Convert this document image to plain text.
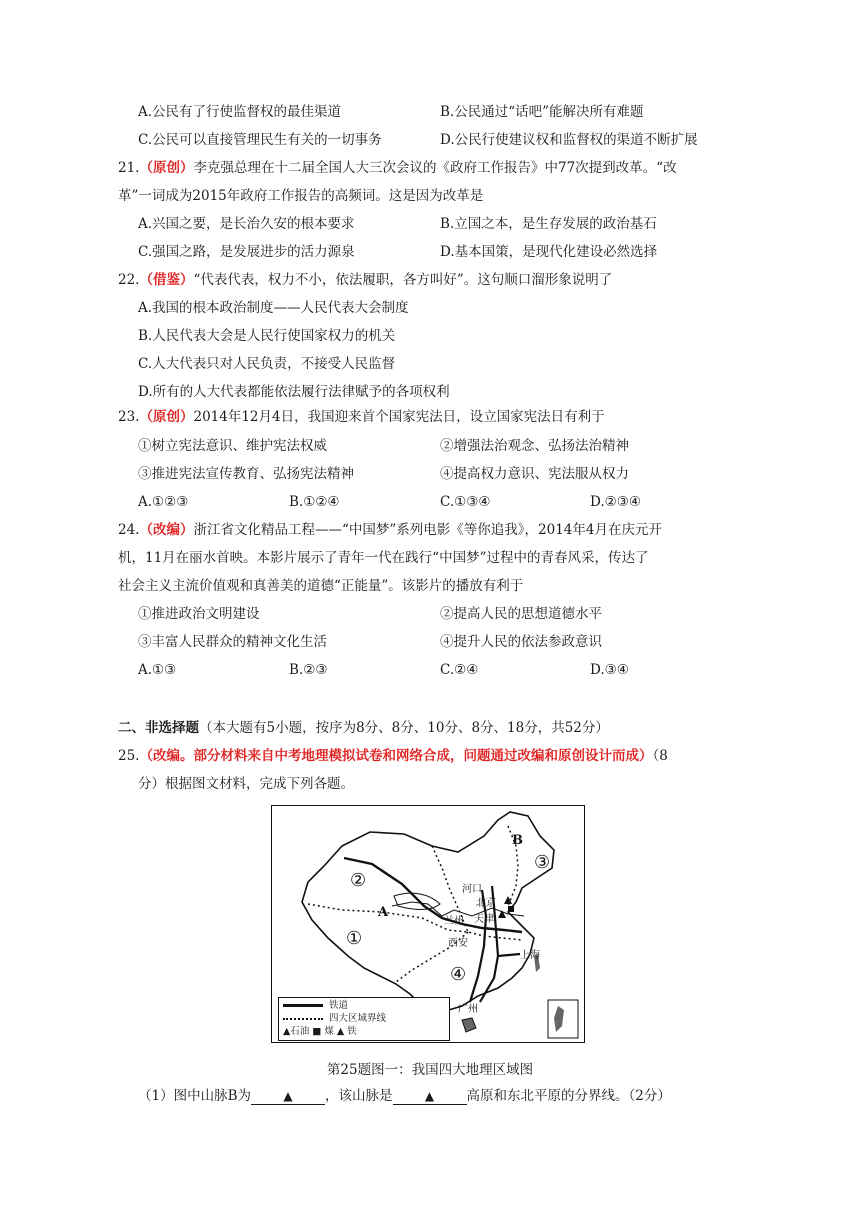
A.公民有了行使监督权的最佳渠道	B.公民通过“话吧”能解决所有难题
C.公民可以直接管理民生有关的一切事务	D.公民行使建议权和监督权的渠道不断扩展
21.（原创）李克强总理在十二届全国人大三次会议的《政府工作报告》中77次提到改革。“改
革”一词成为2015年政府工作报告的高频词。这是因为改革是
A.兴国之要，是长治久安的根本要求	B.立国之本，是生存发展的政治基石
C.强国之路，是发展进步的活力源泉	D.基本国策，是现代化建设必然选择
22.（借鉴）“代表代表，权力不小，依法履职，各方叫好”。这句顺口溜形象说明了
A.我国的根本政治制度——人民代表大会制度
B.人民代表大会是人民行使国家权力的机关
C.人大代表只对人民负责，不接受人民监督
D.所有的人大代表都能依法履行法律赋予的各项权利
23.（原创）2014年12月4日，我国迎来首个国家宪法日，设立国家宪法日有利于
①树立宪法意识、维护宪法权威	②增强法治观念、弘扬法治精神
③推进宪法宣传教育、弘扬宪法精神	④提高权力意识、宪法服从权力
A.①②③	B.①②④	C.①③④	D.②③④
24.（改编）浙江省文化精品工程——“中国梦”系列电影《等你追我》，2014年4月在庆元开
机，11月在丽水首映。本影片展示了青年一代在践行“中国梦”过程中的青春风采，传达了
社会主义主流价值观和真善美的道德“正能量”。该影片的播放有利于
①推进政治文明建设	②提高人民的思想道德水平
③丰富人民群众的精神文化生活	④提升人民的依法参政意识
A.①③	B.②③	C.②④	D.③④
二、非选择题（本大题有5小题，按序为8分、8分、10分、8分、18分，共52分）
25.（改编。部分材料来自中考地理模拟试卷和网络合成，问题通过改编和原创设计而成）（8
分）根据图文材料，完成下列各题。
①
②
③
④
A
B
河口
北京
天津
兰州
西安
上海
广州
铁道
四大区域界线
▲石油 ■ 煤 ▲ 铁
第25题图一：我国四大地理区域图
（1）图中山脉B为	▲ ，该山脉是	▲ 高原和东北平原的分界线。（2分）
